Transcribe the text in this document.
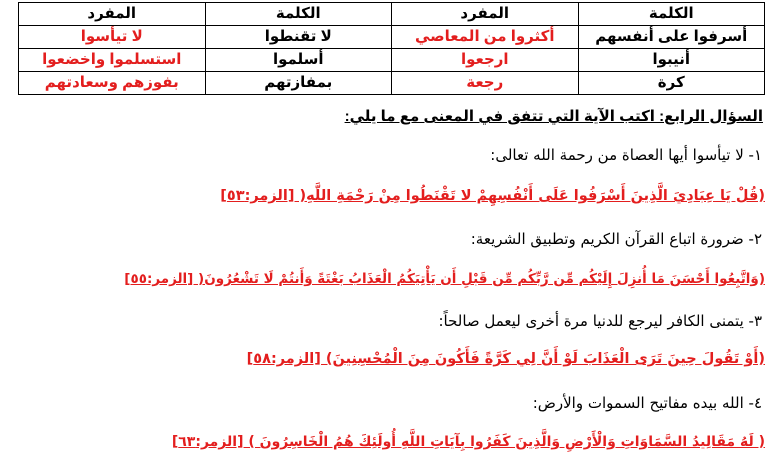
الكلمة	المفرد	الكلمة	المفرد
أسرفوا على أنفسهم	أكثروا من المعاصي	لا تقنطوا	لا تيأسوا
أنيبوا	ارجعوا	أسلموا	استسلموا واخضعوا
كرة	رجعة	بمفازتهم	بفوزهم وسعادتهم
السؤال الرابع: اكتب الآية التي تتفق في المعنى مع ما يلي:
١- لا تيأسوا أيها العصاة من رحمة الله تعالى:
(قُلْ يَا عِبَادِيَ الَّذِينَ أَسْرَفُوا عَلَى أَنْفُسِهِمْ لا تَقْنَطُوا مِنْ رَحْمَةِ اللَّهِ( [الزمر:٥٣]
٢- ضرورة اتباع القرآن الكريم وتطبيق الشريعة:
(وَاتَّبِعُوا أَحْسَنَ مَا أُنزِلَ إِلَيْكُم مِّن رَّبِّكُم مِّن قَبْلِ أَن يَأْتِيَكُمُ الْعَذَابُ بَغْتَةً وَأَنتُمْ لَا تَشْعُرُونَ( [الزمر:٥٥]
٣- يتمنى الكافر ليرجع للدنيا مرة أخرى ليعمل صالحاً:
(أَوْ تَقُولَ حِينَ تَرَى الْعَذَابَ لَوْ أَنَّ لِي كَرَّةً فَأَكُونَ مِنَ الْمُحْسِنِينَ) [الزمر:٥٨]
٤- الله بيده مفاتيح السموات والأرض:
( لَهُ مَقَالِيدُ السَّمَاوَاتِ وَالْأَرْضِ وَالَّذِينَ كَفَرُوا بِآيَاتِ اللَّهِ أُولَئِكَ هُمُ الْخَاسِرُونَ ) [الزمر:٦٣]
